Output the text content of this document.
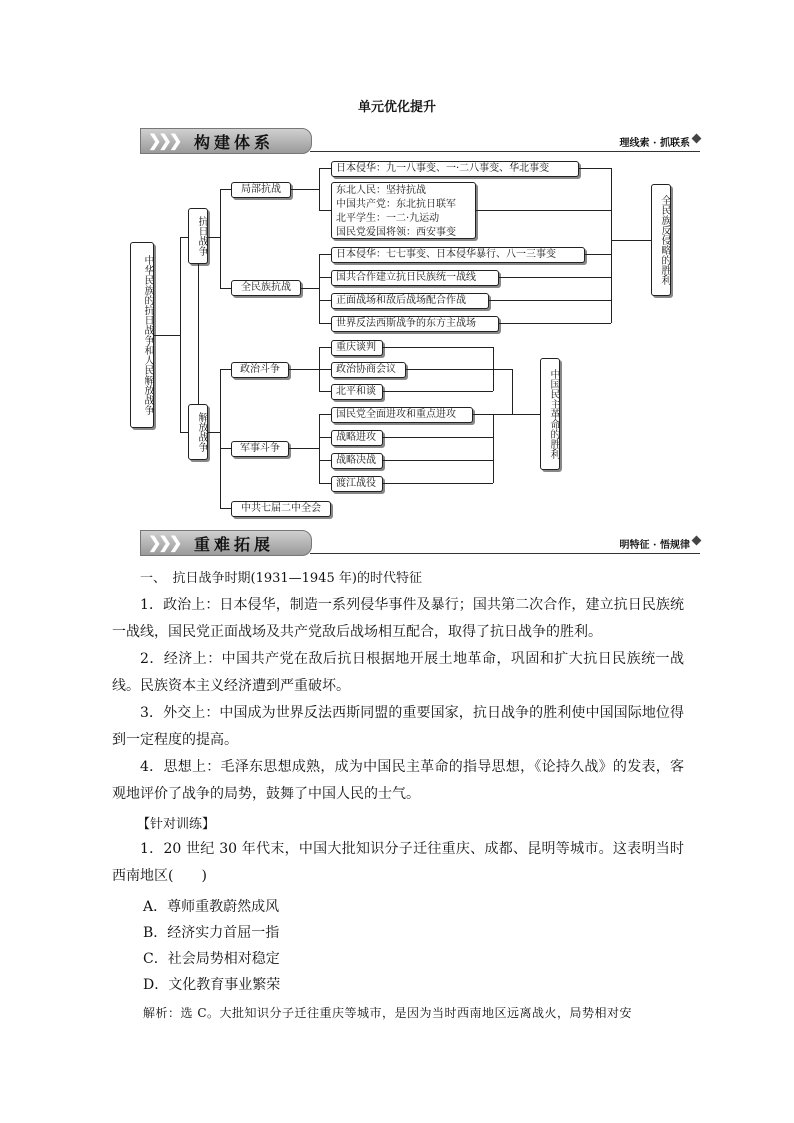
单元优化提升
❯❯❯ 构建体系	理线索 · 抓联系
中华民族的抗日战争和人民解放战争
抗日战争
解放战争
局部抗战
全民族抗战
日本侵华：九一八事变、一·二八事变、华北事变
东北人民：坚持抗战
中国共产党：东北抗日联军
北平学生：一二·九运动
国民党爱国将领：西安事变
日本侵华：七七事变、日本侵华暴行、八一三事变
国共合作建立抗日民族统一战线
正面战场和敌后战场配合作战
世界反法西斯战争的东方主战场
全民族反侵略的胜利
政治斗争
军事斗争
中共七届二中全会
重庆谈判
政治协商会议
北平和谈
国民党全面进攻和重点进攻
战略进攻
战略决战
渡江战役
中国民主革命的胜利
❯❯❯ 重难拓展	明特征 · 悟规律
一、　抗日战争时期(1931—1945 年)的时代特征
1．政治上：日本侵华，制造一系列侵华事件及暴行；国共第二次合作，建立抗日民族统一战线，国民党正面战场及共产党敌后战场相互配合，取得了抗日战争的胜利。
2．经济上：中国共产党在敌后抗日根据地开展土地革命，巩固和扩大抗日民族统一战线。民族资本主义经济遭到严重破坏。
3．外交上：中国成为世界反法西斯同盟的重要国家，抗日战争的胜利使中国国际地位得到一定程度的提高。
4．思想上：毛泽东思想成熟，成为中国民主革命的指导思想，《论持久战》的发表，客观地评价了战争的局势，鼓舞了中国人民的士气。
【针对训练】
1．20 世纪 30 年代末，中国大批知识分子迁往重庆、成都、昆明等城市。这表明当时西南地区(　　)
A．尊师重教蔚然成风
B．经济实力首屈一指
C．社会局势相对稳定
D．文化教育事业繁荣
解析：选 C。大批知识分子迁往重庆等城市，是因为当时西南地区远离战火，局势相对安
